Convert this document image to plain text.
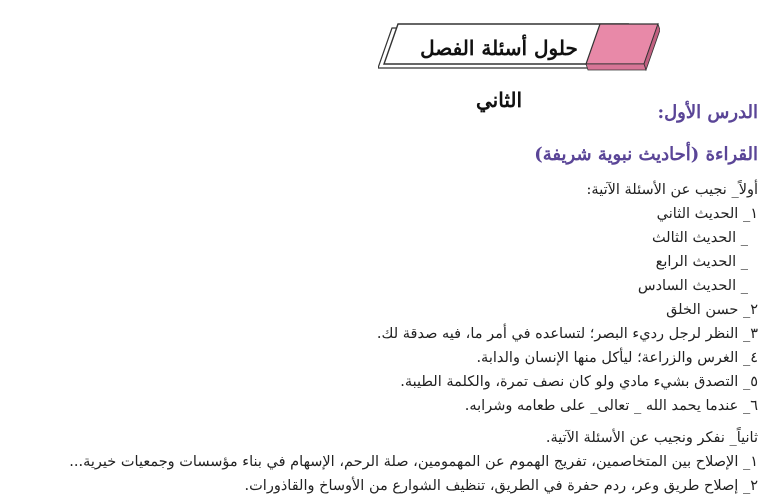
حلول أسئلة الفصل الثاني
الدرس الأول:
القراءة (أحاديث نبوية شريفة)
أولاً_ نجيب عن الأسئلة الآتية:
١_ الحديث الثاني
_ الحديث الثالث
_ الحديث الرابع
_ الحديث السادس
٢_ حسن الخلق
٣_ النظر لرجل رديء البصر؛ لتساعده في أمر ما، فيه صدقة لك.
٤_ الغرس والزراعة؛ ليأكل منها الإنسان والدابة.
٥_ التصدق بشيء مادي ولو كان نصف تمرة، والكلمة الطيبة.
٦_ عندما يحمد الله _ تعالى_ على طعامه وشرابه.
ثانياً_ نفكر ونجيب عن الأسئلة الآتية.
١_ الإصلاح بين المتخاصمين، تفريج الهموم عن المهمومين، صلة الرحم، الإسهام في بناء مؤسسات وجمعيات خيرية...
٢_ إصلاح طريق وعر، ردم حفرة في الطريق، تنظيف الشوارع من الأوساخ والقاذورات.
